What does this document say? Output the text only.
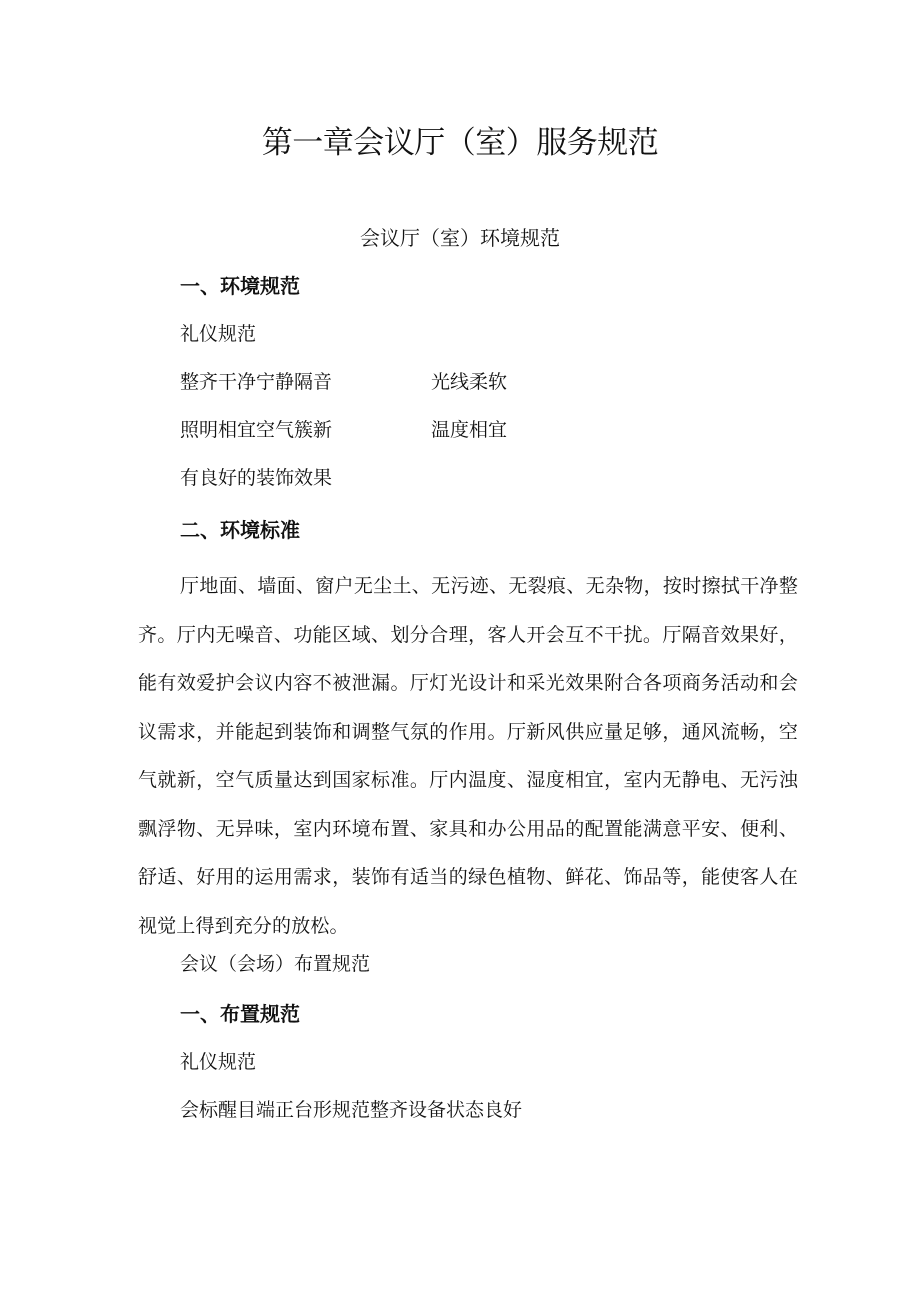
第一章会议厅（室）服务规范
会议厅（室）环境规范
一、环境规范

礼仪规范

整齐干净宁静隔音	光线柔软

照明相宜空气簇新	温度相宜

有良好的装饰效果

二、环境标准

厅地面、墙面、窗户无尘土、无污迹、无裂痕、无杂物，按时擦拭干净整齐。厅内无噪音、功能区域、划分合理，客人开会互不干扰。厅隔音效果好，能有效爱护会议内容不被泄漏。厅灯光设计和采光效果附合各项商务活动和会议需求，并能起到装饰和调整气氛的作用。厅新风供应量足够，通风流畅，空气就新，空气质量达到国家标准。厅内温度、湿度相宜，室内无静电、无污浊飘浮物、无异味，室内环境布置、家具和办公用品的配置能满意平安、便利、舒适、好用的运用需求，装饰有适当的绿色植物、鲜花、饰品等，能使客人在视觉上得到充分的放松。

会议（会场）布置规范

一、布置规范

礼仪规范

会标醒目端正台形规范整齐设备状态良好
